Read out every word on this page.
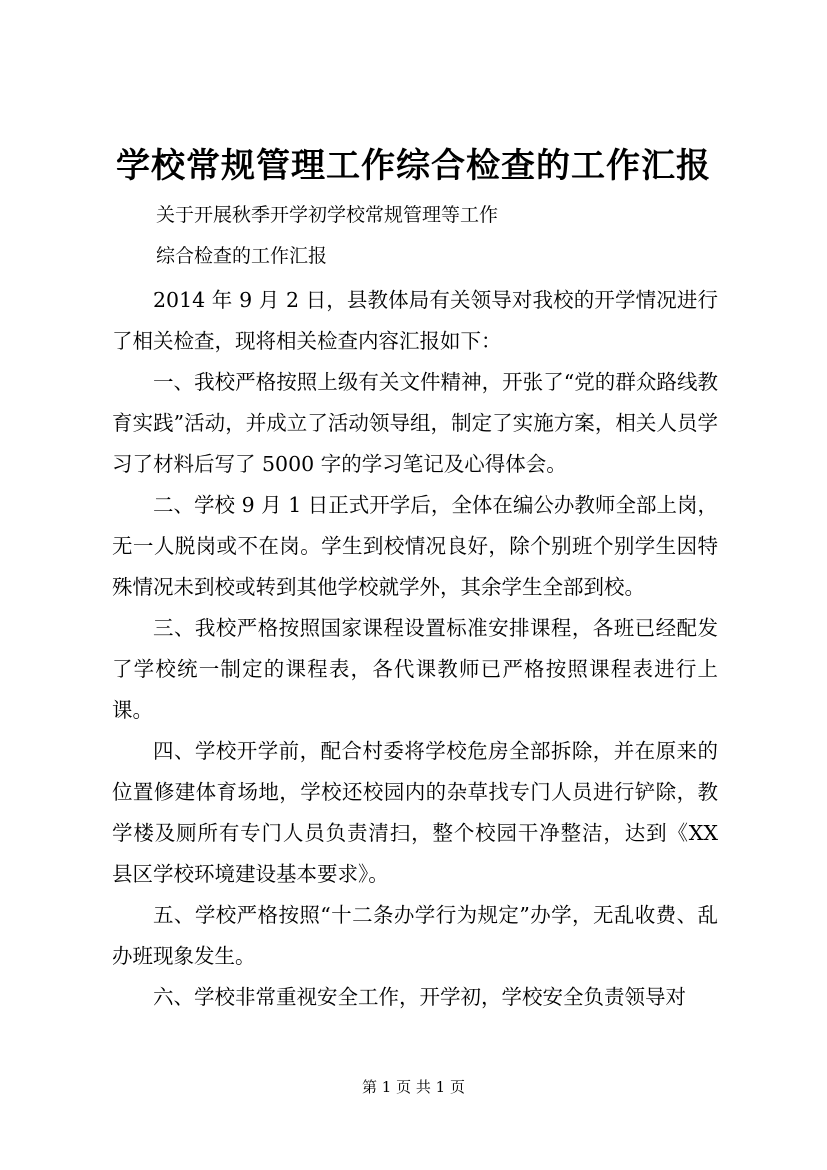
学校常规管理工作综合检查的工作汇报
关于开展秋季开学初学校常规管理等工作
综合检查的工作汇报

2014 年 9 月 2 日，县教体局有关领导对我校的开学情况进行了相关检查，现将相关检查内容汇报如下：

一、我校严格按照上级有关文件精神，开张了“党的群众路线教育实践”活动，并成立了活动领导组，制定了实施方案，相关人员学习了材料后写了 5000 字的学习笔记及心得体会。

二、学校 9 月 1 日正式开学后，全体在编公办教师全部上岗，无一人脱岗或不在岗。学生到校情况良好，除个别班个别学生因特殊情况未到校或转到其他学校就学外，其余学生全部到校。

三、我校严格按照国家课程设置标准安排课程，各班已经配发了学校统一制定的课程表，各代课教师已严格按照课程表进行上课。

四、学校开学前，配合村委将学校危房全部拆除，并在原来的位置修建体育场地，学校还校园内的杂草找专门人员进行铲除，教学楼及厕所有专门人员负责清扫，整个校园干净整洁，达到《XX 县区学校环境建设基本要求》。

五、学校严格按照“十二条办学行为规定”办学，无乱收费、乱办班现象发生。

六、学校非常重视安全工作，开学初，学校安全负责领导对

第 1 页 共 1 页
